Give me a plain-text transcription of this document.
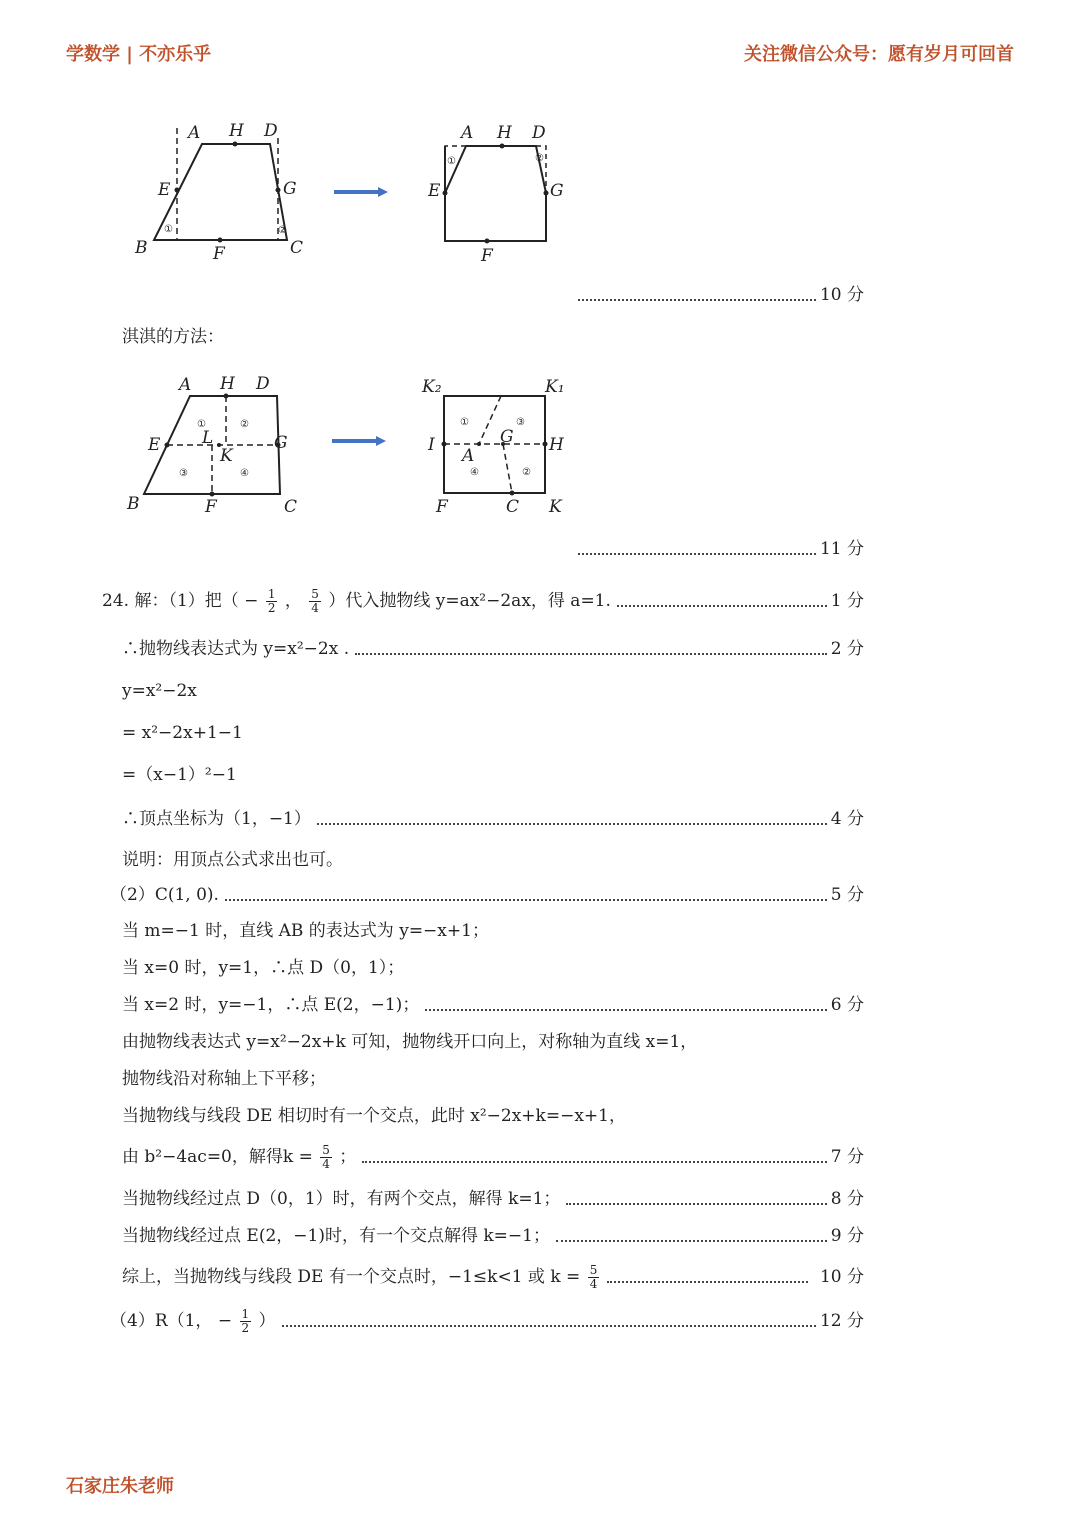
学数学 | 不亦乐乎	关注微信公众号：愿有岁月可回首
A H D
E	G
B	F	C
①	②
A H D
E	G
F
①	②
10 分
淇淇的方法：
A H D
E	G
L
K
B	F	C
①	②
③	④
K₂	K₁
I	H
G
A
F	C K
①	③
④	②
11 分
24. 解：（1）把（ − $\frac{1}{2}$ ， $\frac{5}{4}$ ）代入抛物线 y=ax²−2ax，得 a=1.	1 分
∴抛物线表达式为 y=x²−2x .	2 分
y=x²−2x
= x²−2x+1−1
=（x−1）²−1
∴顶点坐标为（1，−1）	4 分
说明：用顶点公式求出也可。
（2）C(1, 0).	5 分
当 m=−1 时，直线 AB 的表达式为 y=−x+1；
当 x=0 时，y=1，∴点 D（0，1）；
当 x=2 时，y=−1，∴点 E(2，−1)；	6 分
由抛物线表达式 y=x²−2x+k 可知，抛物线开口向上，对称轴为直线 x=1，
抛物线沿对称轴上下平移；
当抛物线与线段 DE 相切时有一个交点，此时 x²−2x+k=−x+1，
由 b²−4ac=0，解得$k = \frac{5}{4}$ ；	7 分
当抛物线经过点 D（0，1）时，有两个交点，解得 k=1；	8 分
当抛物线经过点 E(2，−1)时，有一个交点解得 k=−1；	9 分
综上，当抛物线与线段 DE 有一个交点时，−1≤k<1 或 $k = \frac{5}{4}$	10 分
（4）R（1， − $\frac{1}{2}$ ）	12 分
石家庄朱老师
